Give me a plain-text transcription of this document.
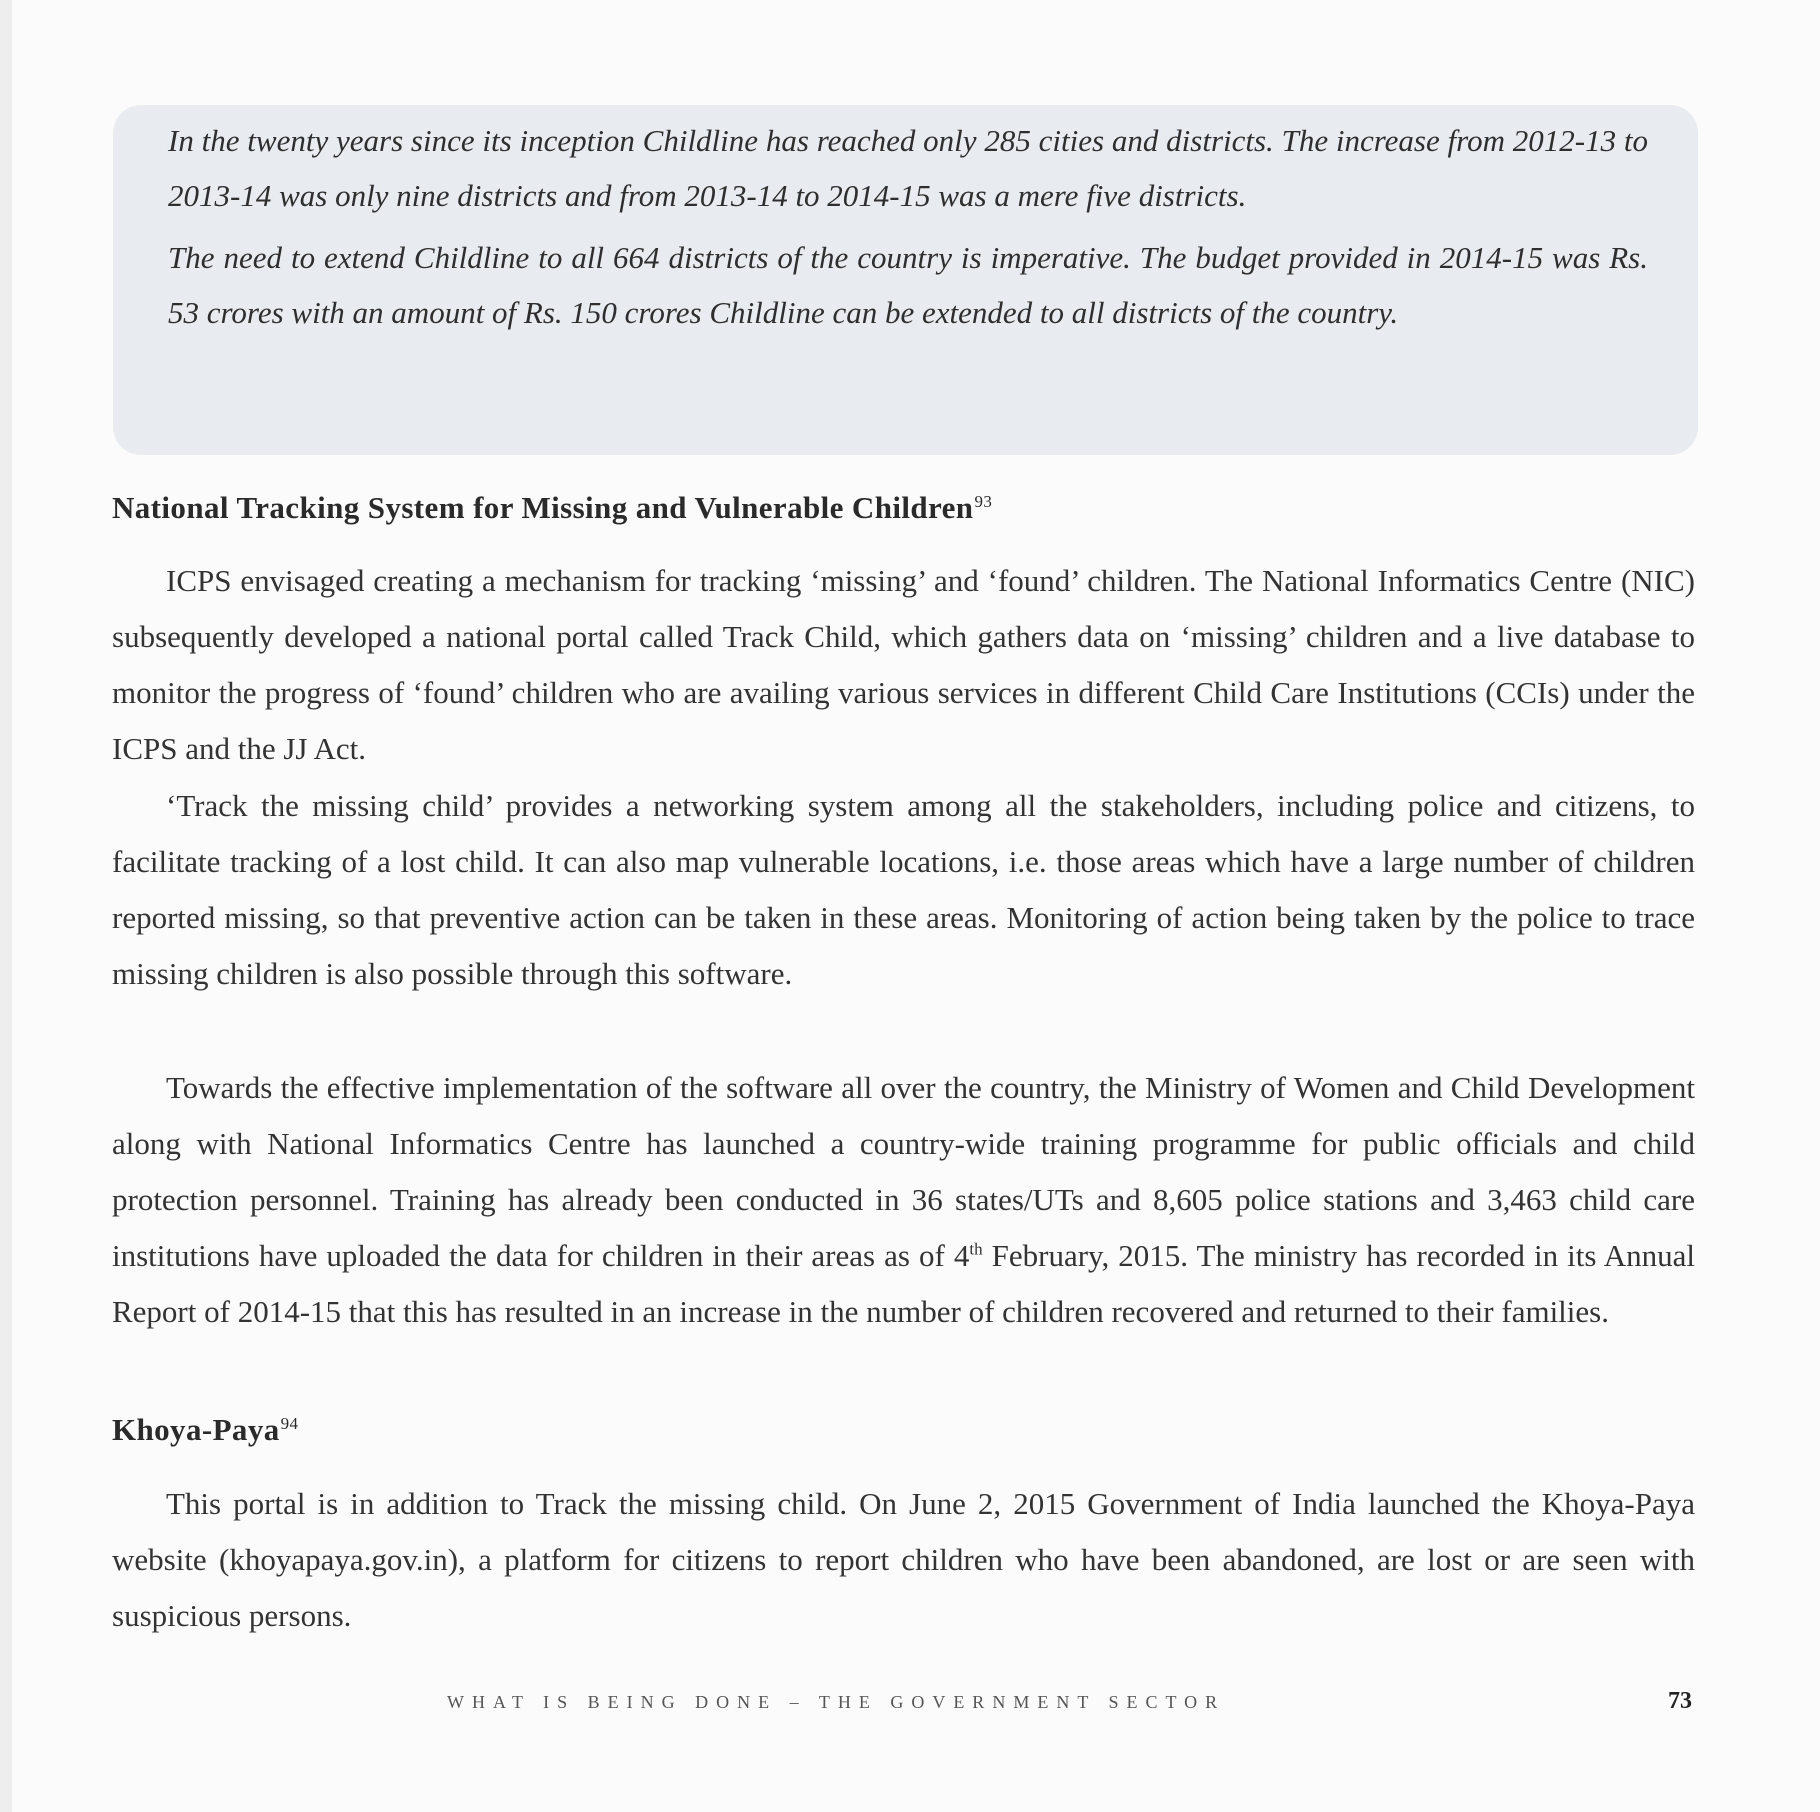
In the twenty years since its inception Childline has reached only 285 cities and districts. The increase from 2012-13 to 2013-14 was only nine districts and from 2013-14 to 2014-15 was a mere five districts.

The need to extend Childline to all 664 districts of the country is imperative. The budget provided in 2014-15 was Rs. 53 crores with an amount of Rs. 150 crores Childline can be extended to all districts of the country.

National Tracking System for Missing and Vulnerable Children$^{93}$

ICPS envisaged creating a mechanism for tracking ‘missing’ and ‘found’ children. The National Informatics Centre (NIC) subsequently developed a national portal called Track Child, which gathers data on ‘missing’ children and a live database to monitor the progress of ‘found’ children who are availing various services in different Child Care Institutions (CCIs) under the ICPS and the JJ Act.

‘Track the missing child’ provides a networking system among all the stakeholders, including police and citizens, to facilitate tracking of a lost child. It can also map vulnerable locations, i.e. those areas which have a large number of children reported missing, so that preventive action can be taken in these areas. Monitoring of action being taken by the police to trace missing children is also possible through this software.

Towards the effective implementation of the software all over the country, the Ministry of Women and Child Development along with National Informatics Centre has launched a country-wide training programme for public officials and child protection personnel. Training has already been conducted in 36 states/UTs and 8,605 police stations and 3,463 child care institutions have uploaded the data for children in their areas as of 4th February, 2015. The ministry has recorded in its Annual Report of 2014-15 that this has resulted in an increase in the number of children recovered and returned to their families.

Khoya-Paya$^{94}$

This portal is in addition to Track the missing child. On June 2, 2015 Government of India launched the Khoya-Paya website (khoyapaya.gov.in), a platform for citizens to report children who have been abandoned, are lost or are seen with suspicious persons.

WHAT IS BEING DONE – THE GOVERNMENT SECTOR	73
